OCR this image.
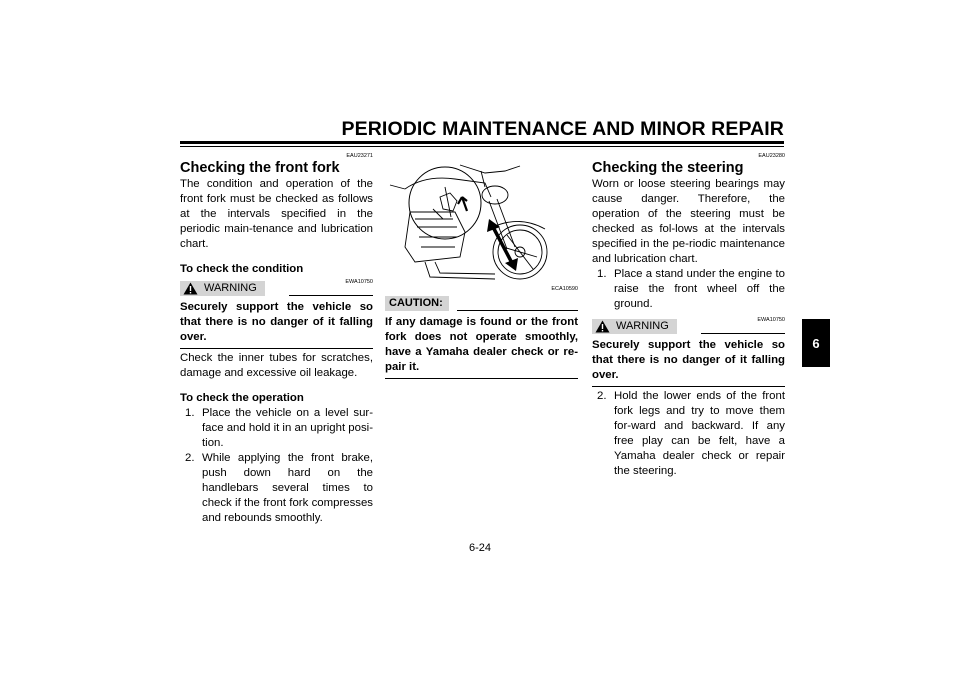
PERIODIC MAINTENANCE AND MINOR REPAIR
6
EAU23271
Checking the front fork

The condition and operation of the front fork must be checked as follows at the intervals specified in the periodic main-tenance and lubrication chart.

To check the condition

WARNING	EWA10750

Securely support the vehicle so that there is no danger of it falling over.

Check the inner tubes for scratches, damage and excessive oil leakage.

To check the operation

1. Place the vehicle on a level sur-face and hold it in an upright posi-tion.
2. While applying the front brake, push down hard on the handlebars several times to check if the front fork compresses and rebounds smoothly.
ECA10590
CAUTION:

If any damage is found or the front fork does not operate smoothly, have a Yamaha dealer check or re-pair it.

EAU23280
Checking the steering

Worn or loose steering bearings may cause danger. Therefore, the operation of the steering must be checked as fol-lows at the intervals specified in the pe-riodic maintenance and lubrication chart.

1. Place a stand under the engine to raise the front wheel off the ground.
WARNING	EWA10750

Securely support the vehicle so that there is no danger of it falling over.

2. Hold the lower ends of the front fork legs and try to move them for-ward and backward. If any free play can be felt, have a Yamaha dealer check or repair the steering.
6-24
